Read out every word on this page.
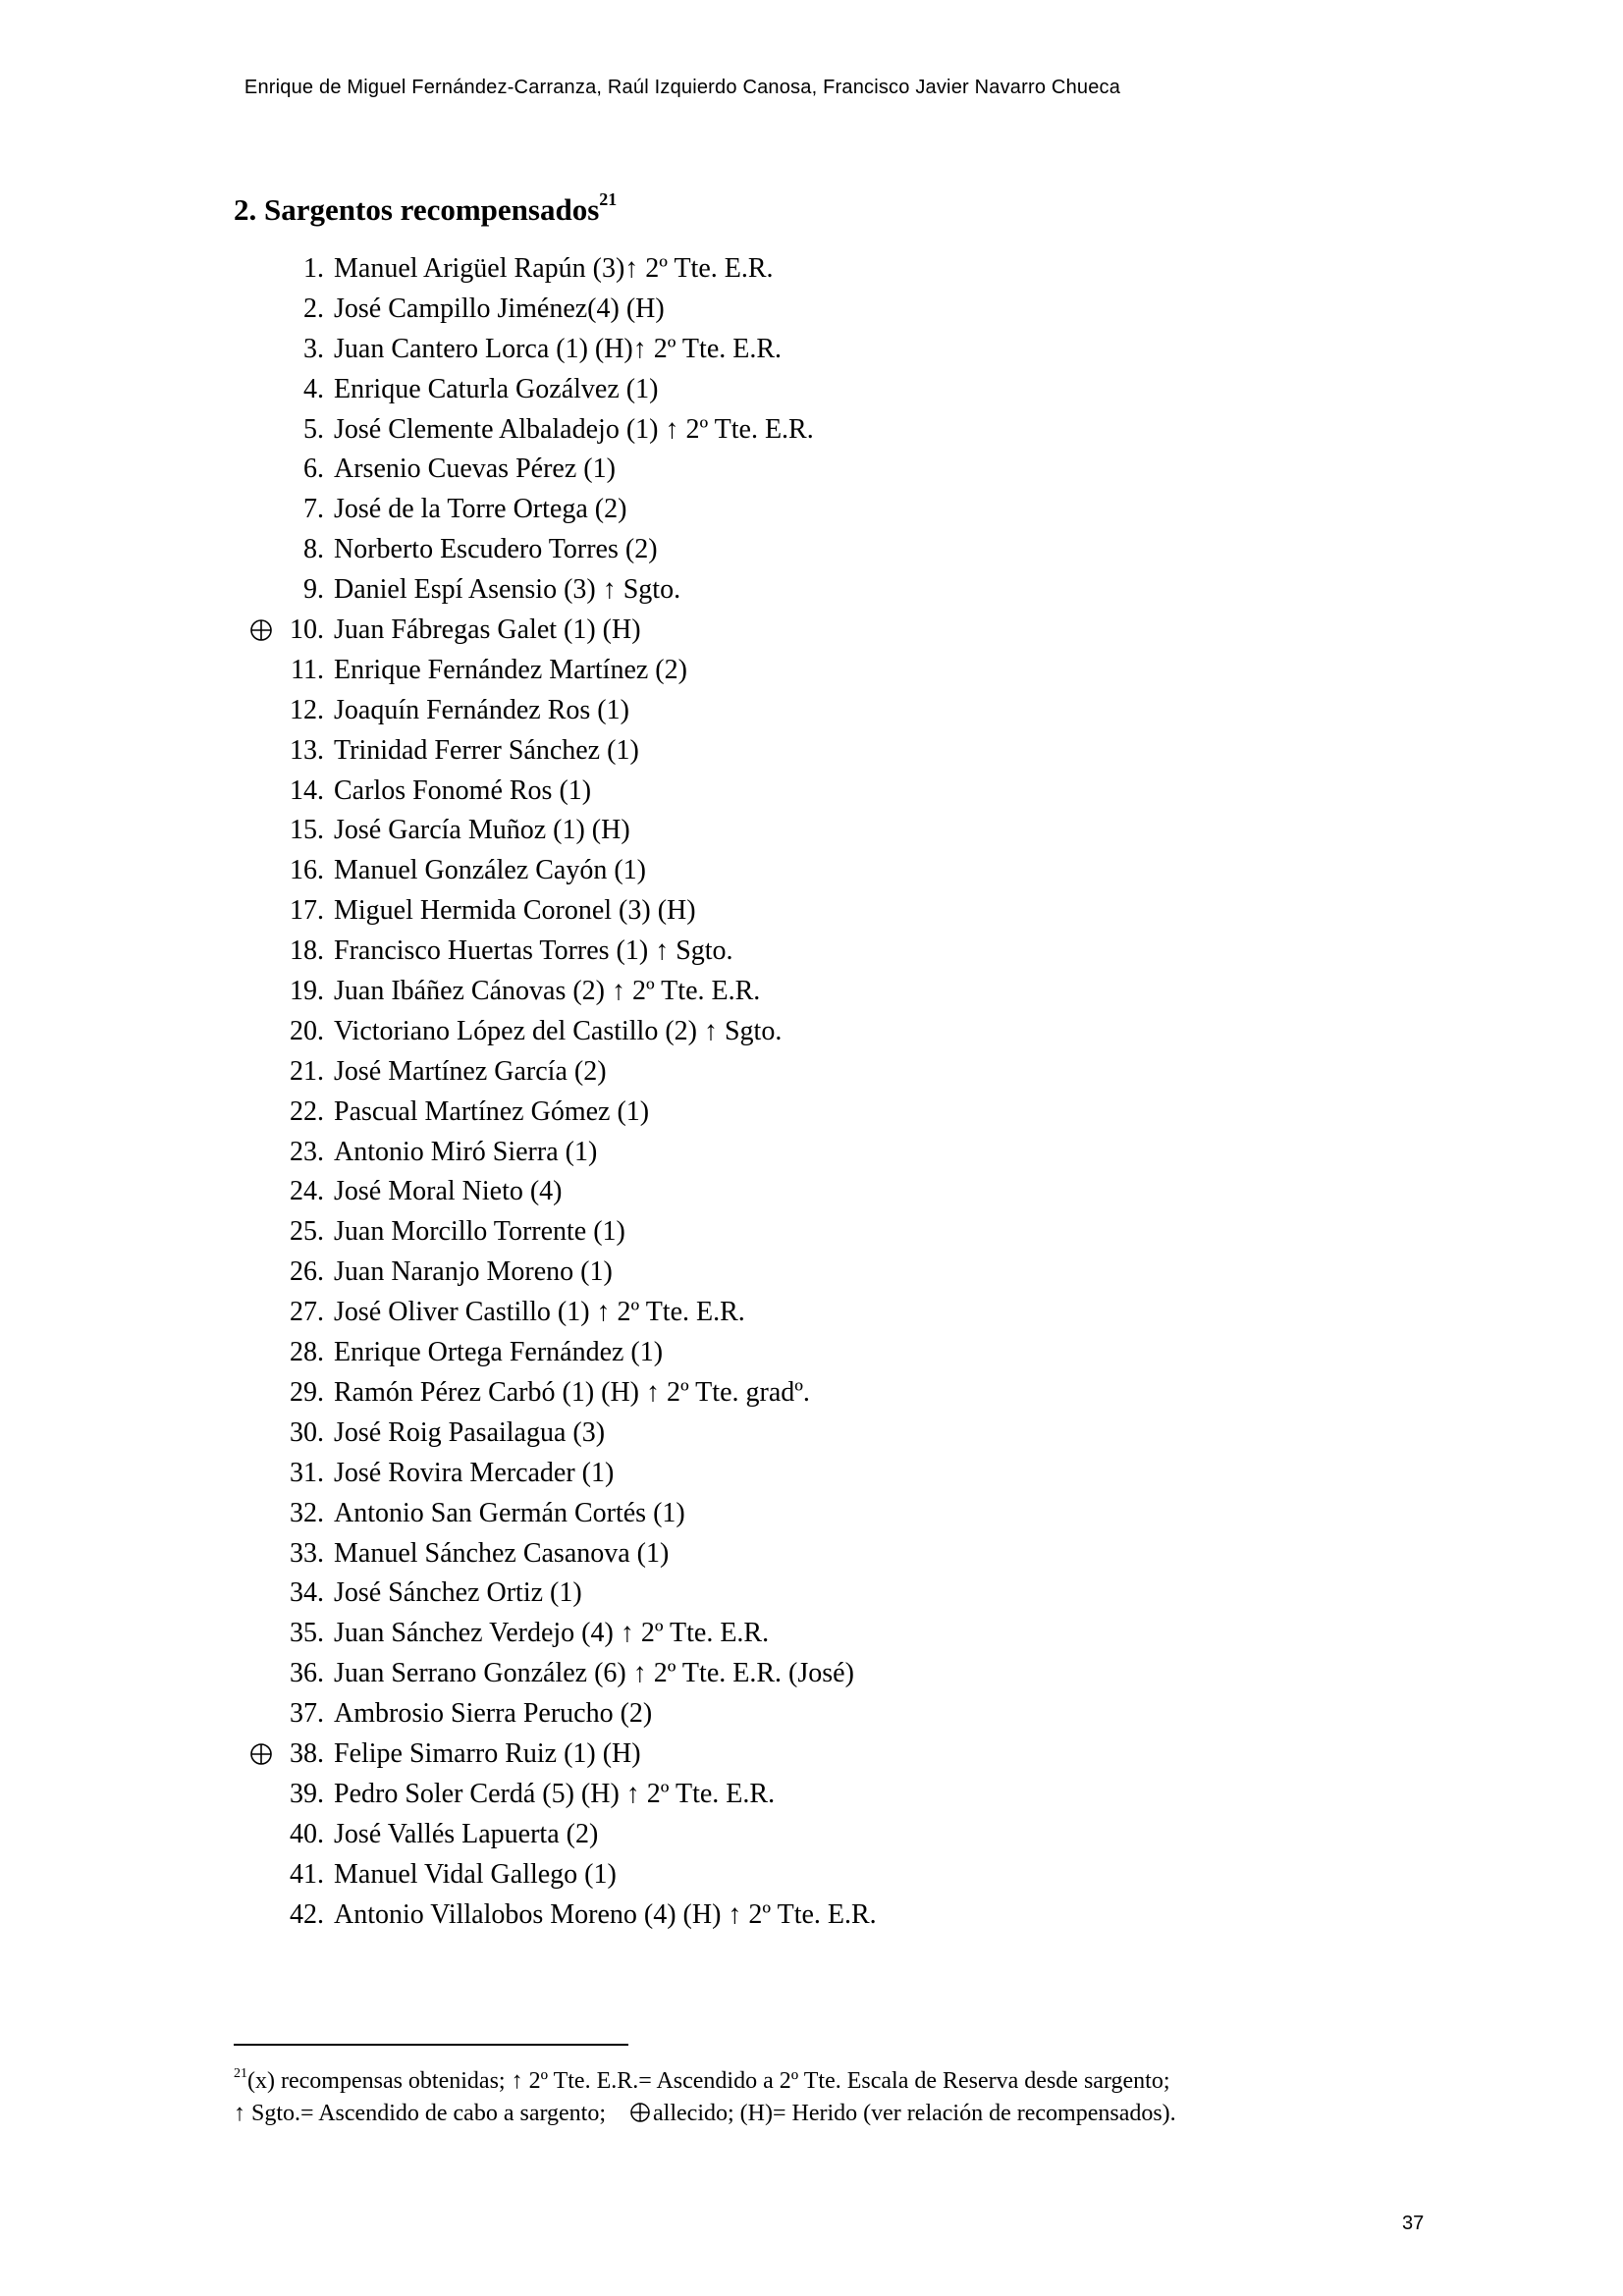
Enrique de Miguel Fernández-Carranza, Raúl Izquierdo Canosa, Francisco Javier Navarro Chueca
2. Sargentos recompensados$^{21}$
1. Manuel Arigüel Rapún (3)↑ 2º Tte. E.R.
2. José Campillo Jiménez(4) (H)
3. Juan Cantero Lorca (1) (H)↑ 2º Tte. E.R.
4. Enrique Caturla Gozálvez (1)
5. José Clemente Albaladejo (1) ↑ 2º Tte. E.R.
6. Arsenio Cuevas Pérez (1)
7. José de la Torre Ortega (2)
8. Norberto Escudero Torres (2)
9. Daniel Espí Asensio (3) ↑ Sgto.
10. Juan Fábregas Galet (1) (H)
11. Enrique Fernández Martínez (2)
12. Joaquín Fernández Ros (1)
13. Trinidad Ferrer Sánchez (1)
14. Carlos Fonomé Ros (1)
15. José García Muñoz (1) (H)
16. Manuel González Cayón (1)
17. Miguel Hermida Coronel (3) (H)
18. Francisco Huertas Torres (1) ↑ Sgto.
19. Juan Ibáñez Cánovas (2) ↑ 2º Tte. E.R.
20. Victoriano López del Castillo (2) ↑ Sgto.
21. José Martínez García (2)
22. Pascual Martínez Gómez (1)
23. Antonio Miró Sierra (1)
24. José Moral Nieto (4)
25. Juan Morcillo Torrente (1)
26. Juan Naranjo Moreno (1)
27. José Oliver Castillo (1) ↑ 2º Tte. E.R.
28. Enrique Ortega Fernández (1)
29. Ramón Pérez Carbó (1) (H) ↑ 2º Tte. gradº.
30. José Roig Pasailagua (3)
31. José Rovira Mercader (1)
32. Antonio San Germán Cortés (1)
33. Manuel Sánchez Casanova (1)
34. José Sánchez Ortiz (1)
35. Juan Sánchez Verdejo (4) ↑ 2º Tte. E.R.
36. Juan Serrano González (6) ↑ 2º Tte. E.R. (José)
37. Ambrosio Sierra Perucho (2)
38. Felipe Simarro Ruiz (1) (H)
39. Pedro Soler Cerdá (5) (H) ↑ 2º Tte. E.R.
40. José Vallés Lapuerta (2)
41. Manuel Vidal Gallego (1)
42. Antonio Villalobos Moreno (4) (H) ↑ 2º Tte. E.R.
$^{21}$(x) recompensas obtenidas; ↑ 2º Tte. E.R.= Ascendido a 2º Tte. Escala de Reserva desde sargento;
↑ Sgto.= Ascendido de cabo a sargento; allecido; (H)= Herido (ver relación de recompensados).
37
